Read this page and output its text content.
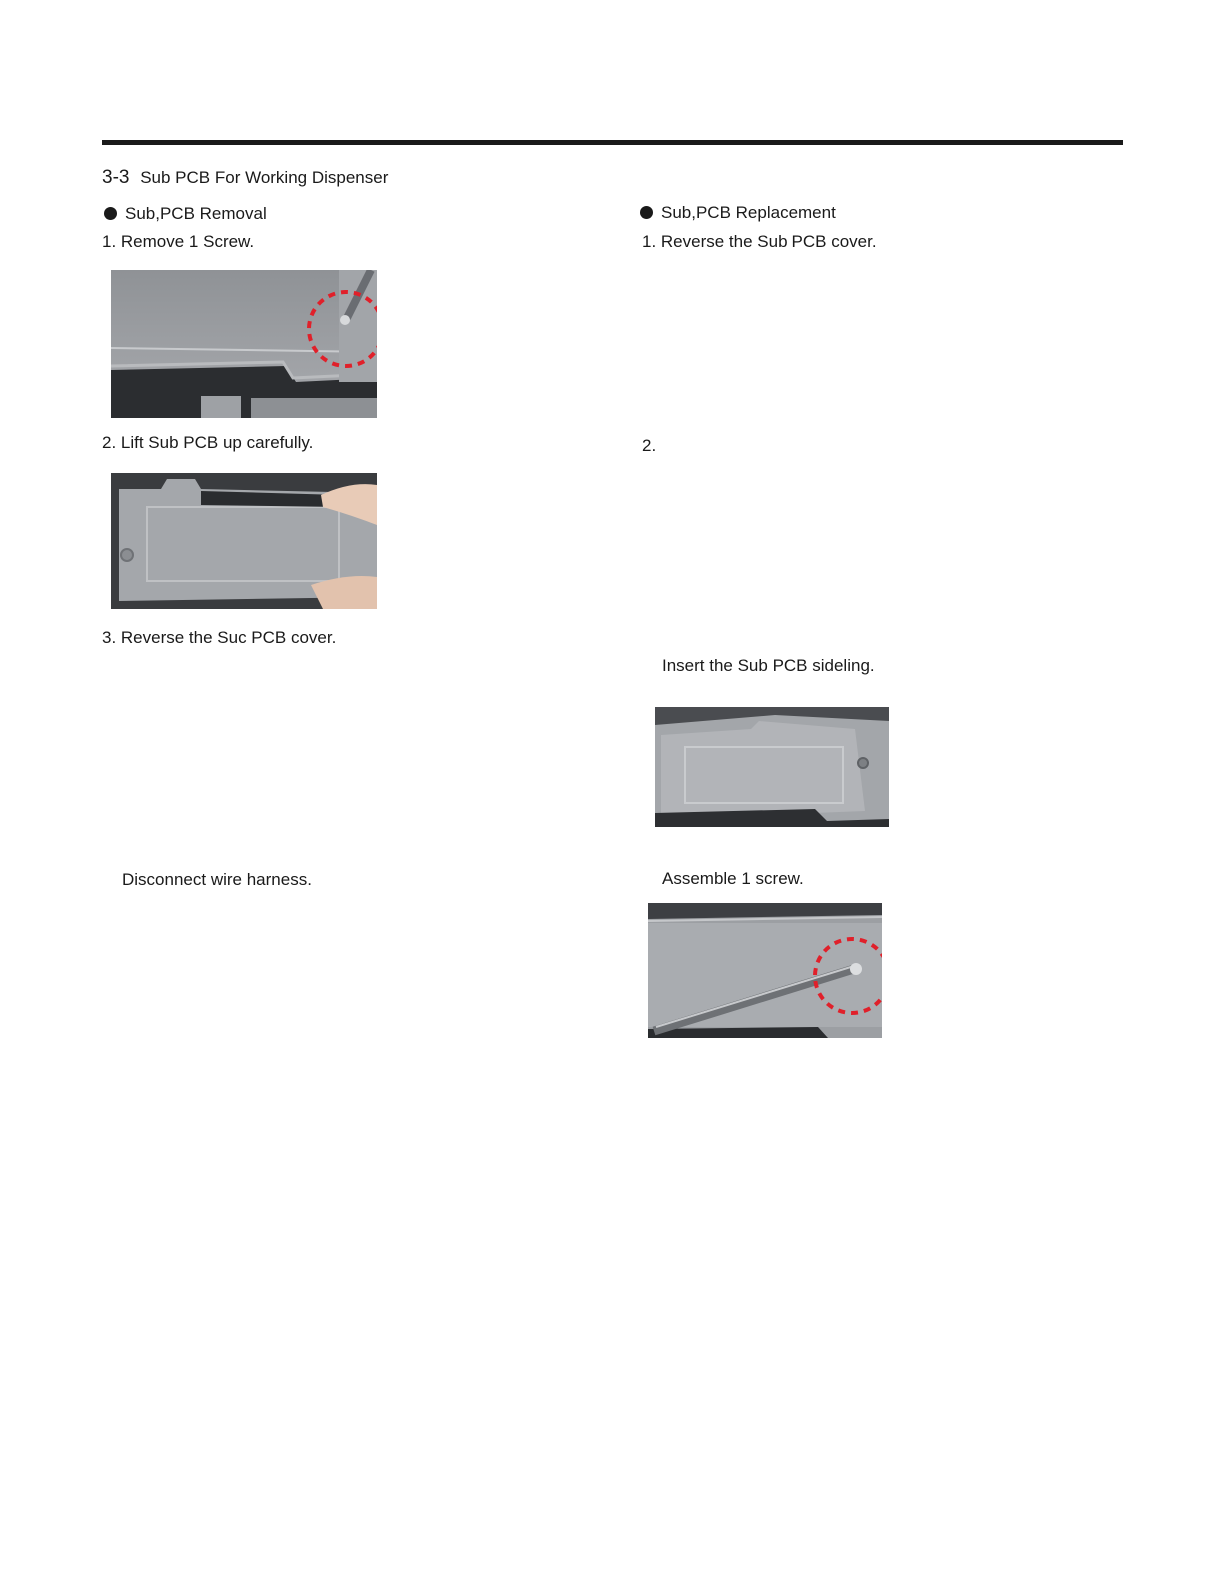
3-3 Sub PCB For Working Dispenser
Sub,PCB Removal
1. Remove 1 Screw.
2. Lift Sub PCB up carefully.
3. Reverse the Suc PCB cover.
Disconnect wire harness.
Sub,PCB Replacement
1. Reverse the Sub PCB cover.
2.
Insert the Sub PCB sideling.
Assemble 1 screw.
